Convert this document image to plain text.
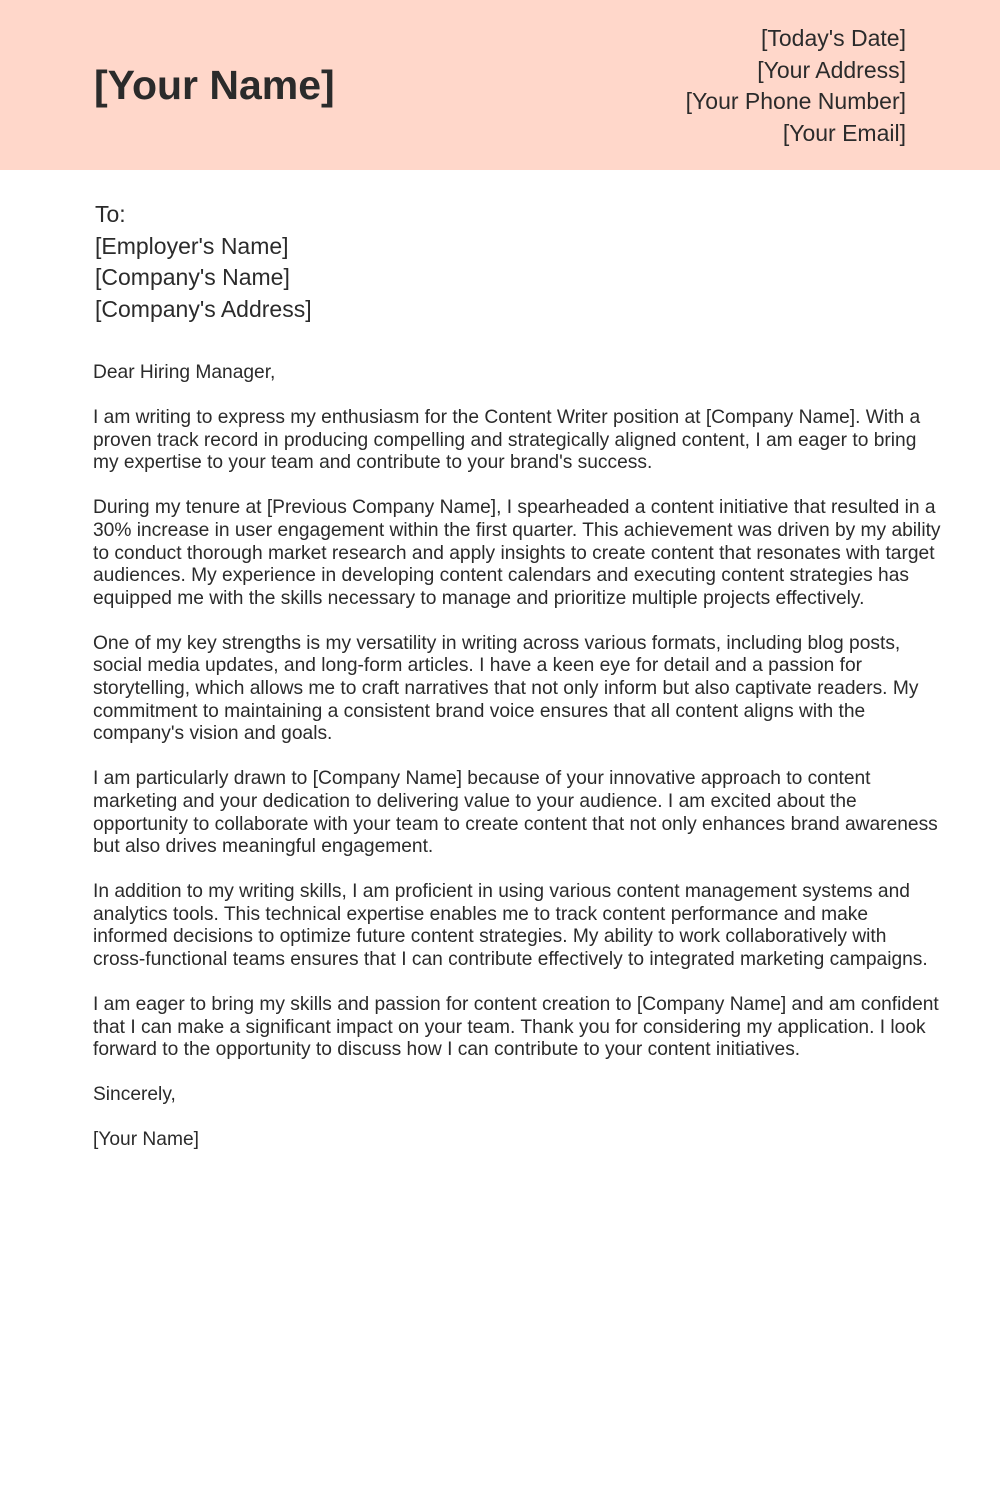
[Your Name]
[Today's Date]
[Your Address]
[Your Phone Number]
[Your Email]
To:
[Employer's Name]
[Company's Name]
[Company's Address]

Dear Hiring Manager,

I am writing to express my enthusiasm for the Content Writer position at [Company Name]. With a proven track record in producing compelling and strategically aligned content, I am eager to bring my expertise to your team and contribute to your brand's success.

During my tenure at [Previous Company Name], I spearheaded a content initiative that resulted in a 30% increase in user engagement within the first quarter. This achievement was driven by my ability to conduct thorough market research and apply insights to create content that resonates with target audiences. My experience in developing content calendars and executing content strategies has equipped me with the skills necessary to manage and prioritize multiple projects effectively.

One of my key strengths is my versatility in writing across various formats, including blog posts, social media updates, and long-form articles. I have a keen eye for detail and a passion for storytelling, which allows me to craft narratives that not only inform but also captivate readers. My commitment to maintaining a consistent brand voice ensures that all content aligns with the company's vision and goals.

I am particularly drawn to [Company Name] because of your innovative approach to content marketing and your dedication to delivering value to your audience. I am excited about the opportunity to collaborate with your team to create content that not only enhances brand awareness but also drives meaningful engagement.

In addition to my writing skills, I am proficient in using various content management systems and analytics tools. This technical expertise enables me to track content performance and make informed decisions to optimize future content strategies. My ability to work collaboratively with cross-functional teams ensures that I can contribute effectively to integrated marketing campaigns.

I am eager to bring my skills and passion for content creation to [Company Name] and am confident that I can make a significant impact on your team. Thank you for considering my application. I look forward to the opportunity to discuss how I can contribute to your content initiatives.

Sincerely,

[Your Name]
